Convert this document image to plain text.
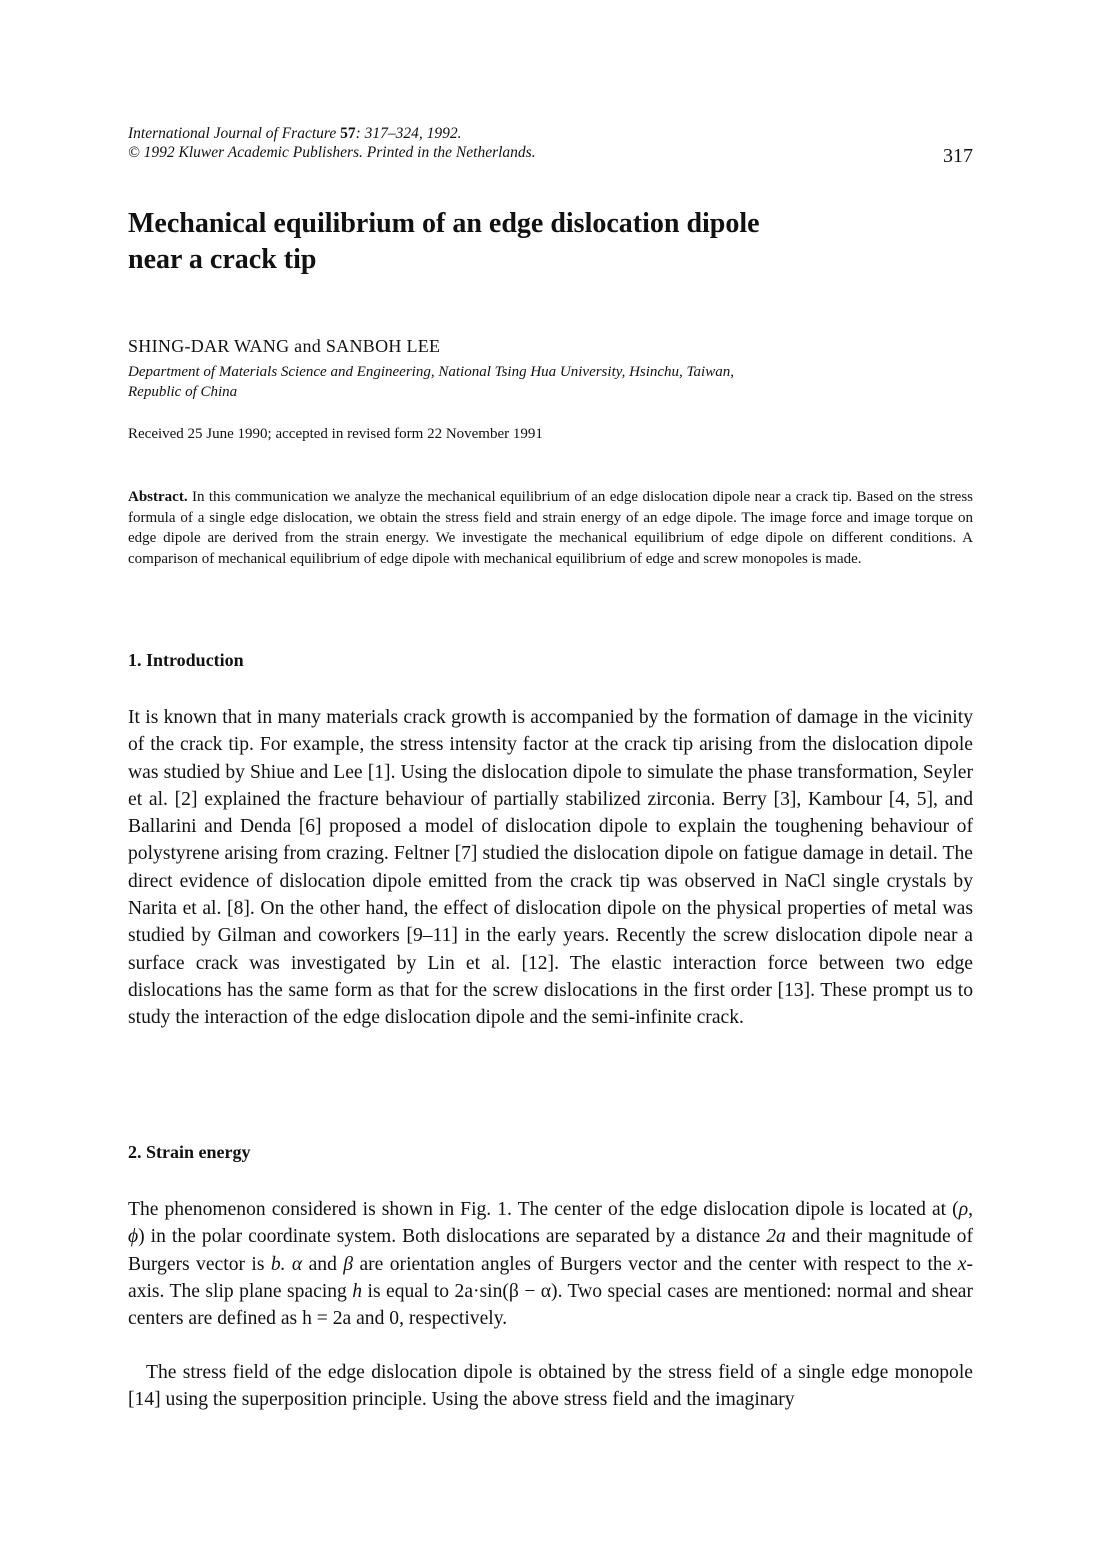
International Journal of Fracture 57: 317–324, 1992.
© 1992 Kluwer Academic Publishers. Printed in the Netherlands.	317
Mechanical equilibrium of an edge dislocation dipole
near a crack tip
SHING-DAR WANG and SANBOH LEE
Department of Materials Science and Engineering, National Tsing Hua University, Hsinchu, Taiwan,
Republic of China
Received 25 June 1990; accepted in revised form 22 November 1991

Abstract. In this communication we analyze the mechanical equilibrium of an edge dislocation dipole near a crack tip. Based on the stress formula of a single edge dislocation, we obtain the stress field and strain energy of an edge dipole. The image force and image torque on edge dipole are derived from the strain energy. We investigate the mechanical equilibrium of edge dipole on different conditions. A comparison of mechanical equilibrium of edge dipole with mechanical equilibrium of edge and screw monopoles is made.

1. Introduction

It is known that in many materials crack growth is accompanied by the formation of damage in the vicinity of the crack tip. For example, the stress intensity factor at the crack tip arising from the dislocation dipole was studied by Shiue and Lee [1]. Using the dislocation dipole to simulate the phase transformation, Seyler et al. [2] explained the fracture behaviour of partially stabilized zirconia. Berry [3], Kambour [4, 5], and Ballarini and Denda [6] proposed a model of dislocation dipole to explain the toughening behaviour of polystyrene arising from crazing. Feltner [7] studied the dislocation dipole on fatigue damage in detail. The direct evidence of dislocation dipole emitted from the crack tip was observed in NaCl single crystals by Narita et al. [8]. On the other hand, the effect of dislocation dipole on the physical properties of metal was studied by Gilman and coworkers [9–11] in the early years. Recently the screw dislocation dipole near a surface crack was investigated by Lin et al. [12]. The elastic interaction force between two edge dislocations has the same form as that for the screw dislocations in the first order [13]. These prompt us to study the interaction of the edge dislocation dipole and the semi-infinite crack.

2. Strain energy

The phenomenon considered is shown in Fig. 1. The center of the edge dislocation dipole is located at (ρ, ϕ) in the polar coordinate system. Both dislocations are separated by a distance 2a and their magnitude of Burgers vector is b. α and β are orientation angles of Burgers vector and the center with respect to the x-axis. The slip plane spacing h is equal to 2a·sin(β − α). Two special cases are mentioned: normal and shear centers are defined as h = 2a and 0, respectively.

The stress field of the edge dislocation dipole is obtained by the stress field of a single edge monopole [14] using the superposition principle. Using the above stress field and the imaginary
